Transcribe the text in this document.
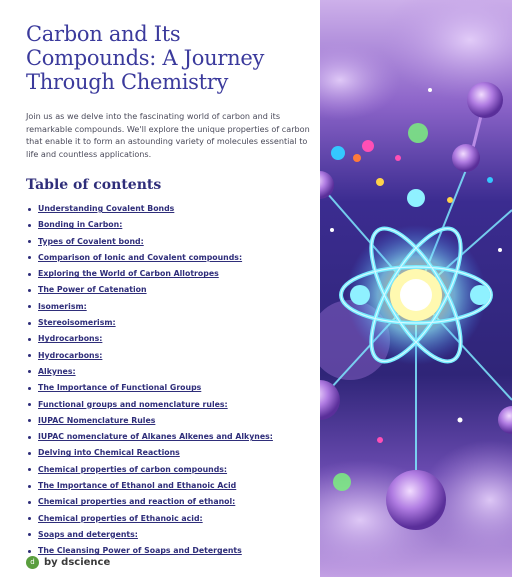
Carbon and Its Compounds: A Journey Through Chemistry

Join us as we delve into the fascinating world of carbon and its remarkable compounds. We'll explore the unique properties of carbon that enable it to form an astounding variety of molecules essential to life and countless applications.

Table of contents
Understanding Covalent Bonds
Bonding in Carbon:
Types of Covalent bond:
Comparison of Ionic and Covalent compounds:
Exploring the World of Carbon Allotropes
The Power of Catenation
Isomerism:
Stereoisomerism:
Hydrocarbons:
Hydrocarbons:
Alkynes:
The Importance of Functional Groups
Functional groups and nomenclature rules:
IUPAC Nomenclature Rules
IUPAC nomenclature of Alkanes Alkenes and Alkynes:
Delving into Chemical Reactions
Chemical properties of carbon compounds:
The Importance of Ethanol and Ethanoic Acid
Chemical properties and reaction of ethanol:
Chemical properties of Ethanoic acid:
Soaps and detergents:
The Cleansing Power of Soaps and Detergents
d by dscience
